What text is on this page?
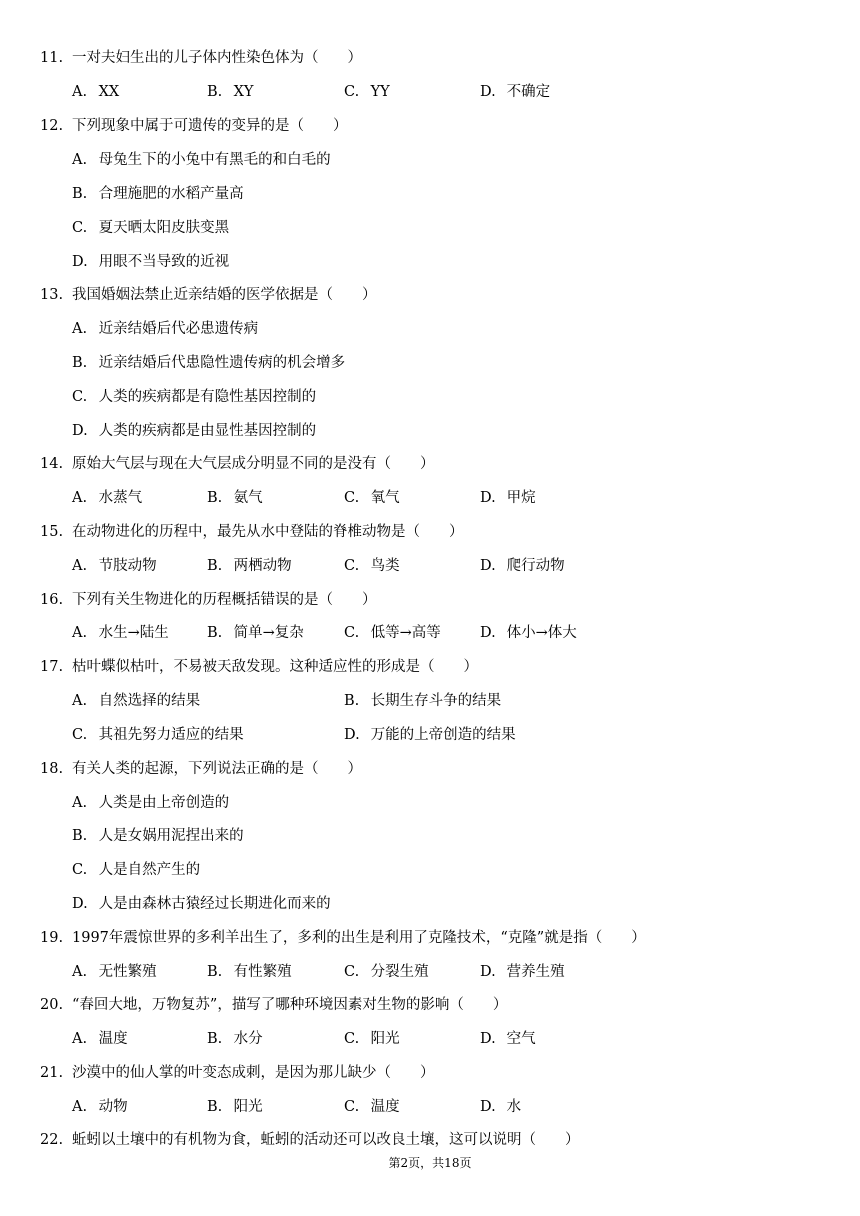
11. 一对夫妇生出的儿子体内性染色体为（　　）
A. XX	B. XY	C. YY	D. 不确定
12. 下列现象中属于可遗传的变异的是（　　）
A. 母兔生下的小兔中有黑毛的和白毛的
B. 合理施肥的水稻产量高
C. 夏天晒太阳皮肤变黑
D. 用眼不当导致的近视
13. 我国婚姻法禁止近亲结婚的医学依据是（　　）
A. 近亲结婚后代必患遗传病
B. 近亲结婚后代患隐性遗传病的机会增多
C. 人类的疾病都是有隐性基因控制的
D. 人类的疾病都是由显性基因控制的
14. 原始大气层与现在大气层成分明显不同的是没有（　　）
A. 水蒸气	B. 氨气	C. 氧气	D. 甲烷
15. 在动物进化的历程中，最先从水中登陆的脊椎动物是（　　）
A. 节肢动物	B. 两栖动物	C. 鸟类	D. 爬行动物
16. 下列有关生物进化的历程概括错误的是（　　）
A. 水生→陆生	B. 简单→复杂	C. 低等→高等	D. 体小→体大
17. 枯叶蝶似枯叶，不易被天敌发现。这种适应性的形成是（　　）
A. 自然选择的结果	B. 长期生存斗争的结果
C. 其祖先努力适应的结果	D. 万能的上帝创造的结果
18. 有关人类的起源，下列说法正确的是（　　）
A. 人类是由上帝创造的
B. 人是女娲用泥捏出来的
C. 人是自然产生的
D. 人是由森林古猿经过长期进化而来的
19. 1997年震惊世界的多利羊出生了，多利的出生是利用了克隆技术，“克隆”就是指（　　）
A. 无性繁殖	B. 有性繁殖	C. 分裂生殖	D. 营养生殖
20. “春回大地，万物复苏”，描写了哪种环境因素对生物的影响（　　）
A. 温度	B. 水分	C. 阳光	D. 空气
21. 沙漠中的仙人掌的叶变态成刺，是因为那儿缺少（　　）
A. 动物	B. 阳光	C. 温度	D. 水
22. 蚯蚓以土壤中的有机物为食，蚯蚓的活动还可以改良土壤，这可以说明（　　）
第2页，共18页
